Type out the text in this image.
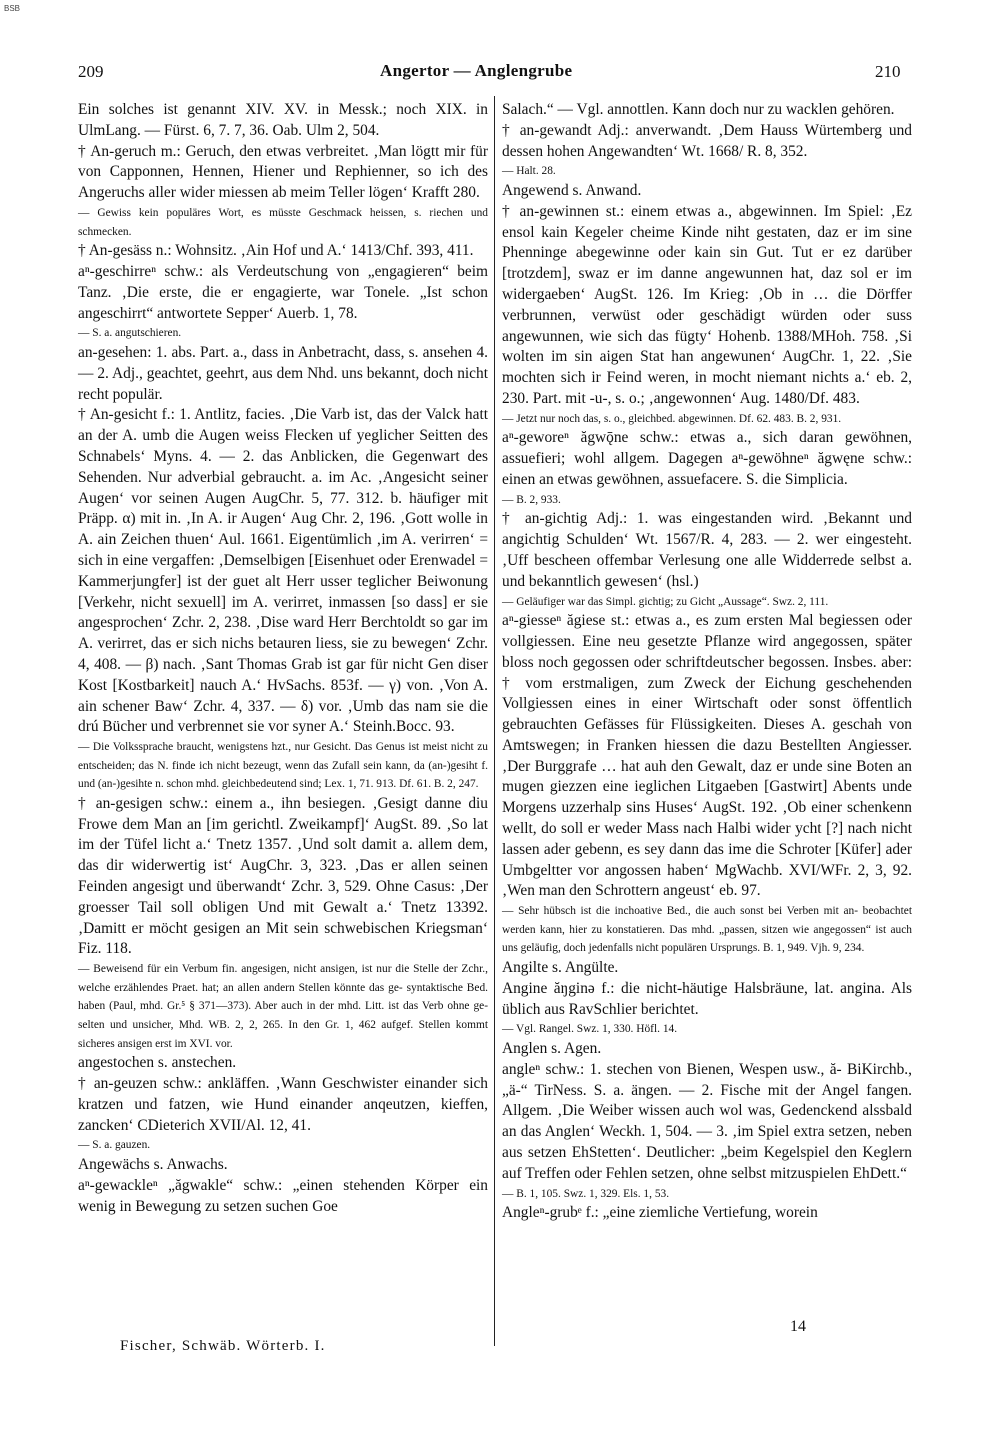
BSB
209	Angertor — Anglengrube	210

Ein solches ist genannt XIV. XV. in Messk.; noch XIX. in UlmLang. — Fürst. 6, 7. 7, 36. Oab. Ulm 2, 504.

† An-geruch m.: Geruch, den etwas verbreitet. ‚Man lögtt mir für von Capponnen, Hennen, Hiener und Rephienner, so ich des Angeruchs aller wider miessen ab meim Teller lögen‘ Krafft 280.

— Gewiss kein populäres Wort, es müsste Geschmack heissen, s. riechen und schmecken.

† An-gesäss n.: Wohnsitz. ‚Ain Hof und A.‘ 1413/Chf. 393, 411.

aⁿ-geschirreⁿ schw.: als Verdeutschung von „engagieren“ beim Tanz. ‚Die erste, die er engagierte, war Tonele. „Ist schon angeschirrt“ antwortete Sepper‘ Auerb. 1, 78.

— S. a. angutschieren.

an-gesehen: 1. abs. Part. a., dass in Anbetracht, dass, s. ansehen 4. — 2. Adj., geachtet, geehrt, aus dem Nhd. uns bekannt, doch nicht recht populär.

† An-gesicht f.: 1. Antlitz, facies. ‚Die Varb ist, das der Valck hatt an der A. umb die Augen weiss Flecken uf yeglicher Seitten des Schnabels‘ Myns. 4. — 2. das Anblicken, die Gegenwart des Sehenden. Nur adverbial gebraucht. a. im Ac. ‚Angesicht seiner Augen‘ vor seinen Augen AugChr. 5, 77. 312. b. häufiger mit Präpp. α) mit in. ‚In A. ir Augen‘ Aug Chr. 2, 196. ‚Gott wolle in A. ain Zeichen thuen‘ Aul. 1661. Eigentümlich ‚im A. verirren‘ = sich in eine vergaffen: ‚Demselbigen [Eisenhuet oder Erenwadel = Kammerjungfer] ist der guet alt Herr usser teglicher Beiwonung [Verkehr, nicht sexuell] im A. verirret, inmassen [so dass] er sie angesprochen‘ Zchr. 2, 238. ‚Dise ward Herr Berchtoldt so gar im A. verirret, das er sich nichs betauren liess, sie zu bewegen‘ Zchr. 4, 408. — β) nach. ‚Sant Thomas Grab ist gar für nicht Gen diser Kost [Kostbarkeit] nauch A.‘ HvSachs. 853f. — γ) von. ‚Von A. ain schener Baw‘ Zchr. 4, 337. — δ) vor. ‚Umb das nam sie die drú Bücher und verbrennet sie vor syner A.‘ Steinh.Bocc. 93.

— Die Volkssprache braucht, wenigstens hzt., nur Gesicht. Das Genus ist meist nicht zu entscheiden; das N. finde ich nicht bezeugt, wenn das Zufall sein kann, da (an-)gesiht f. und (an-)gesihte n. schon mhd. gleichbedeutend sind; Lex. 1, 71. 913. Df. 61. B. 2, 247.

† an-gesigen schw.: einem a., ihn besiegen. ‚Gesigt danne diu Frowe dem Man an [im gerichtl. Zweikampf]‘ AugSt. 89. ‚So lat im der Tüfel licht a.‘ Tnetz 1357. ‚Und solt damit a. allem dem, das dir widerwertig ist‘ AugChr. 3, 323. ‚Das er allen seinen Feinden angesigt und überwandt‘ Zchr. 3, 529. Ohne Casus: ‚Der groesser Tail soll obligen Und mit Gewalt a.‘ Tnetz 13392. ‚Damitt er möcht gesigen an Mit sein schwebischen Kriegsman‘ Fiz. 118.

— Beweisend für ein Verbum fin. angesigen, nicht ansigen, ist nur die Stelle der Zchr., welche erzählendes Praet. hat; an allen andern Stellen könnte das ge- syntaktische Bed. haben (Paul, mhd. Gr.⁵ § 371—373). Aber auch in der mhd. Litt. ist das Verb ohne ge- selten und unsicher, Mhd. WB. 2, 2, 265. In den Gr. 1, 462 aufgef. Stellen kommt sicheres ansigen erst im XVI. vor.

angestochen s. anstechen.

† an-geuzen schw.: ankläffen. ‚Wann Geschwister einander sich kratzen und fatzen, wie Hund einander anqeutzen, kieffen, zancken‘ CDieterich XVII/Al. 12, 41.

— S. a. gauzen.

Angewächs s. Anwachs.

aⁿ-gewackleⁿ „ăgwakle“ schw.: „einen stehenden Körper ein wenig in Bewegung zu setzen suchen Goe

Salach.“ — Vgl. annottlen. Kann doch nur zu wacklen gehören.

† an-gewandt Adj.: anverwandt. ‚Dem Hauss Würtemberg und dessen hohen Angewandten‘ Wt. 1668/ R. 8, 352.

— Halt. 28.

Angewend s. Anwand.

† an-gewinnen st.: einem etwas a., abgewinnen. Im Spiel: ‚Ez ensol kain Kegeler cheime Kinde niht gestaten, daz er im sine Phenninge abegewinne oder kain sin Gut. Tut er ez darüber [trotzdem], swaz er im danne angewunnen hat, daz sol er im widergaeben‘ AugSt. 126. Im Krieg: ‚Ob in … die Dörffer verbrunnen, verwüst oder geschädigt würden oder suss angewunnen, wie sich das fügty‘ Hohenb. 1388/MHoh. 758. ‚Si wolten im sin aigen Stat han angewunen‘ AugChr. 1, 22. ‚Sie mochten sich ir Feind weren, in mocht niemant nichts a.‘ eb. 2, 230. Part. mit -u-, s. o.; ‚angewonnen‘ Aug. 1480/Df. 483.

— Jetzt nur noch das, s. o., gleichbed. abgewinnen. Df. 62. 483. B. 2, 931.

aⁿ-geworeⁿ ăgwǭne schw.: etwas a., sich daran gewöhnen, assuefieri; wohl allgem. Dagegen aⁿ-gewöhneⁿ ăgwęne schw.: einen an etwas gewöhnen, assuefacere. S. die Simplicia.

— B. 2, 933.

† an-gichtig Adj.: 1. was eingestanden wird. ‚Bekannt und angichtig Schulden‘ Wt. 1567/R. 4, 283. — 2. wer eingesteht. ‚Uff bescheen offembar Verlesung one alle Widderrede selbst a. und bekanntlich gewesen‘ (hsl.)

— Geläufiger war das Simpl. gichtig; zu Gicht „Aussage“. Swz. 2, 111.

aⁿ-giesseⁿ ăgiese st.: etwas a., es zum ersten Mal begiessen oder vollgiessen. Eine neu gesetzte Pflanze wird angegossen, später bloss noch gegossen oder schriftdeutscher begossen. Insbes. aber: † vom erstmaligen, zum Zweck der Eichung geschehenden Vollgiessen eines in einer Wirtschaft oder sonst öffentlich gebrauchten Gefässes für Flüssigkeiten. Dieses A. geschah von Amtswegen; in Franken hiessen die dazu Bestellten Angiesser. ‚Der Burggrafe … hat auh den Gewalt, daz er unde sine Boten an mugen giezzen eine ieglichen Litgaeben [Gastwirt] Abents unde Morgens uzzerhalp sins Huses‘ AugSt. 192. ‚Ob einer schenkenn wellt, do soll er weder Mass nach Halbi wider ycht [?] nach nicht lassen ader gebenn, es sey dann das ime die Schroter [Küfer] ader Umbgeltter vor angossen haben‘ MgWachb. XVI/WFr. 2, 3, 92. ‚Wen man den Schrottern angeust‘ eb. 97.

— Sehr hübsch ist die inchoative Bed., die auch sonst bei Verben mit an- beobachtet werden kann, hier zu konstatieren. Das mhd. „passen, sitzen wie angegossen“ ist auch uns geläufig, doch jedenfalls nicht populären Ursprungs. B. 1, 949. Vjh. 9, 234.

Angilte s. Angülte.

Angine ăŋginə f.: die nicht-häutige Halsbräune, lat. angina. Als üblich aus RavSchlier berichtet.

— Vgl. Rangel. Swz. 1, 330. Höfl. 14.

Anglen s. Agen.

angleⁿ schw.: 1. stechen von Bienen, Wespen usw., ă- BiKirchb., „ä-“ TirNess. S. a. ängen. — 2. Fische mit der Angel fangen. Allgem. ‚Die Weiber wissen auch wol was, Gedenckend alssbald an das Anglen‘ Weckh. 1, 504. — 3. ‚im Spiel extra setzen, neben aus setzen EhStetten‘. Deutlicher: „beim Kegelspiel den Keglern auf Treffen oder Fehlen setzen, ohne selbst mitzuspielen EhDett.“

— B. 1, 105. Swz. 1, 329. Els. 1, 53.

Angleⁿ-grubᵉ f.: „eine ziemliche Vertiefung, worein

Fischer, Schwäb. Wörterb. I.
14
